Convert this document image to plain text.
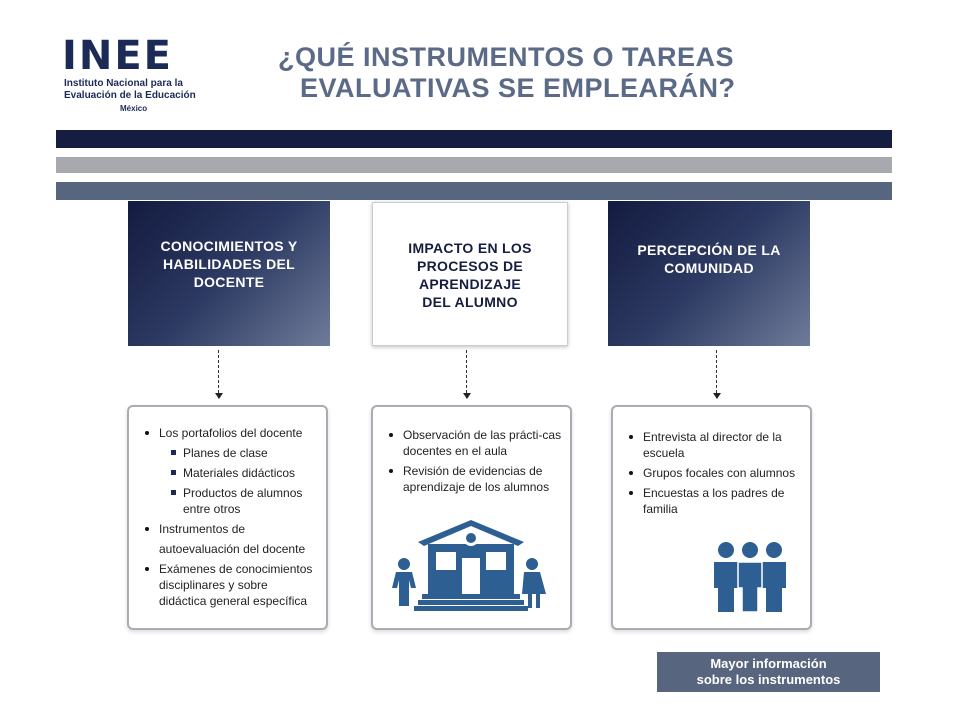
INEE
Instituto Nacional para la
Evaluación de la Educación
México
¿QUÉ INSTRUMENTOS O TAREAS
EVALUATIVAS SE EMPLEARÁN?
CONOCIMIENTOS Y
HABILIDADES DEL
DOCENTE
IMPACTO EN LOS
PROCESOS DE
APRENDIZAJE
DEL ALUMNO
PERCEPCIÓN DE LA
COMUNIDAD
Los portafolios del docente
Planes de clase
Materiales didácticos
Productos de alumnos
entre otros
Instrumentos de
autoevaluación del docente
Exámenes de conocimientos disciplinares y sobre didáctica general específica
Observación de las prácti-cas docentes en el aula
Revisión de evidencias de aprendizaje de los alumnos
Entrevista al director de la escuela
Grupos focales con alumnos
Encuestas a los padres de familia
Mayor información
sobre los instrumentos
